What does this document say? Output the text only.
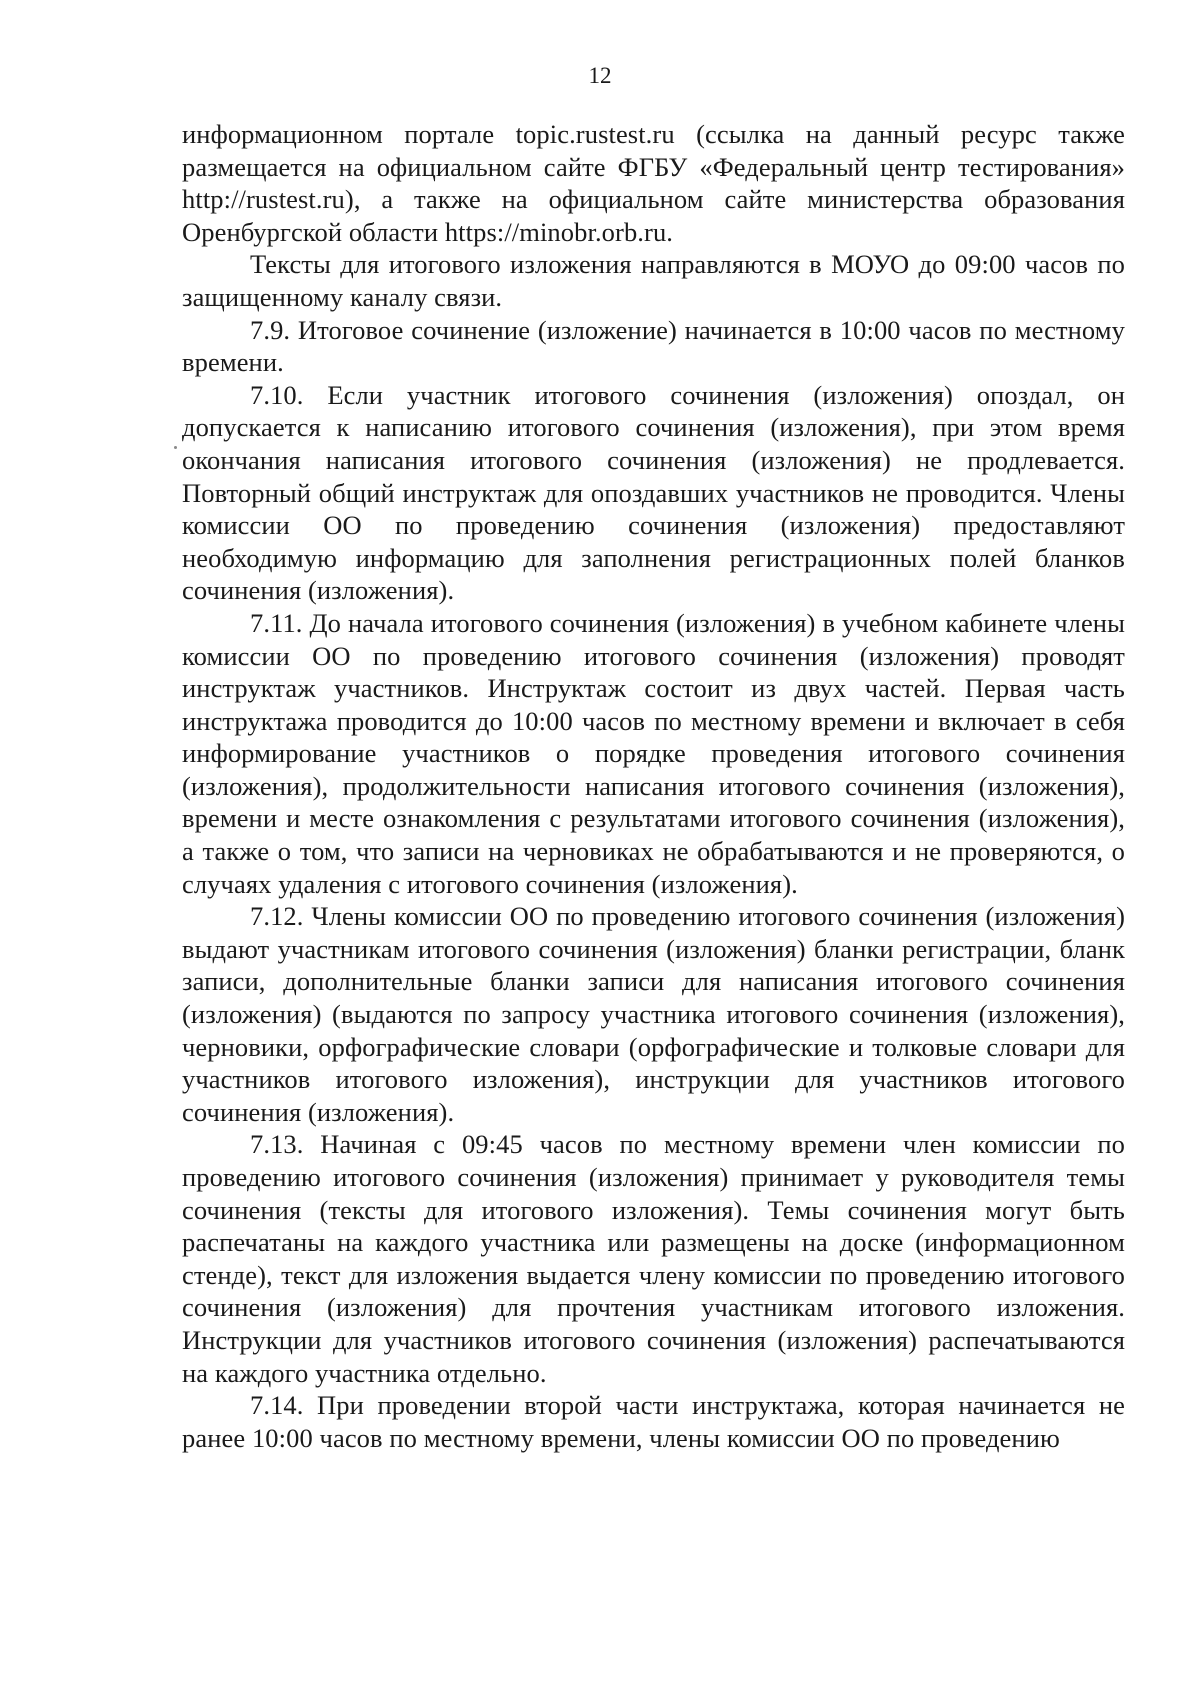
12

информационном портале topic.rustest.ru (ссылка на данный ресурс также размещается на официальном сайте ФГБУ «Федеральный центр тестирования» http://rustest.ru), а также на официальном сайте министерства образования Оренбургской области https://minobr.orb.ru.

Тексты для итогового изложения направляются в МОУО до 09:00 часов по защищенному каналу связи.

7.9. Итоговое сочинение (изложение) начинается в 10:00 часов по местному времени.

7.10. Если участник итогового сочинения (изложения) опоздал, он допускается к написанию итогового сочинения (изложения), при этом время окончания написания итогового сочинения (изложения) не продлевается. Повторный общий инструктаж для опоздавших участников не проводится. Члены комиссии ОО по проведению сочинения (изложения) предоставляют необходимую информацию для заполнения регистрационных полей бланков сочинения (изложения).

7.11. До начала итогового сочинения (изложения) в учебном кабинете члены комиссии ОО по проведению итогового сочинения (изложения) проводят инструктаж участников. Инструктаж состоит из двух частей. Первая часть инструктажа проводится до 10:00 часов по местному времени и включает в себя информирование участников о порядке проведения итогового сочинения (изложения), продолжительности написания итогового сочинения (изложения), времени и месте ознакомления с результатами итогового сочинения (изложения), а также о том, что записи на черновиках не обрабатываются и не проверяются, о случаях удаления с итогового сочинения (изложения).

7.12. Члены комиссии ОО по проведению итогового сочинения (изложения) выдают участникам итогового сочинения (изложения) бланки регистрации, бланк записи, дополнительные бланки записи для написания итогового сочинения (изложения) (выдаются по запросу участника итогового сочинения (изложения), черновики, орфографические словари (орфографические и толковые словари для участников итогового изложения), инструкции для участников итогового сочинения (изложения).

7.13. Начиная с 09:45 часов по местному времени член комиссии по проведению итогового сочинения (изложения) принимает у руководителя темы сочинения (тексты для итогового изложения). Темы сочинения могут быть распечатаны на каждого участника или размещены на доске (информационном стенде), текст для изложения выдается члену комиссии по проведению итогового сочинения (изложения) для прочтения участникам итогового изложения. Инструкции для участников итогового сочинения (изложения) распечатываются на каждого участника отдельно.

7.14. При проведении второй части инструктажа, которая начинается не ранее 10:00 часов по местному времени, члены комиссии ОО по проведению
